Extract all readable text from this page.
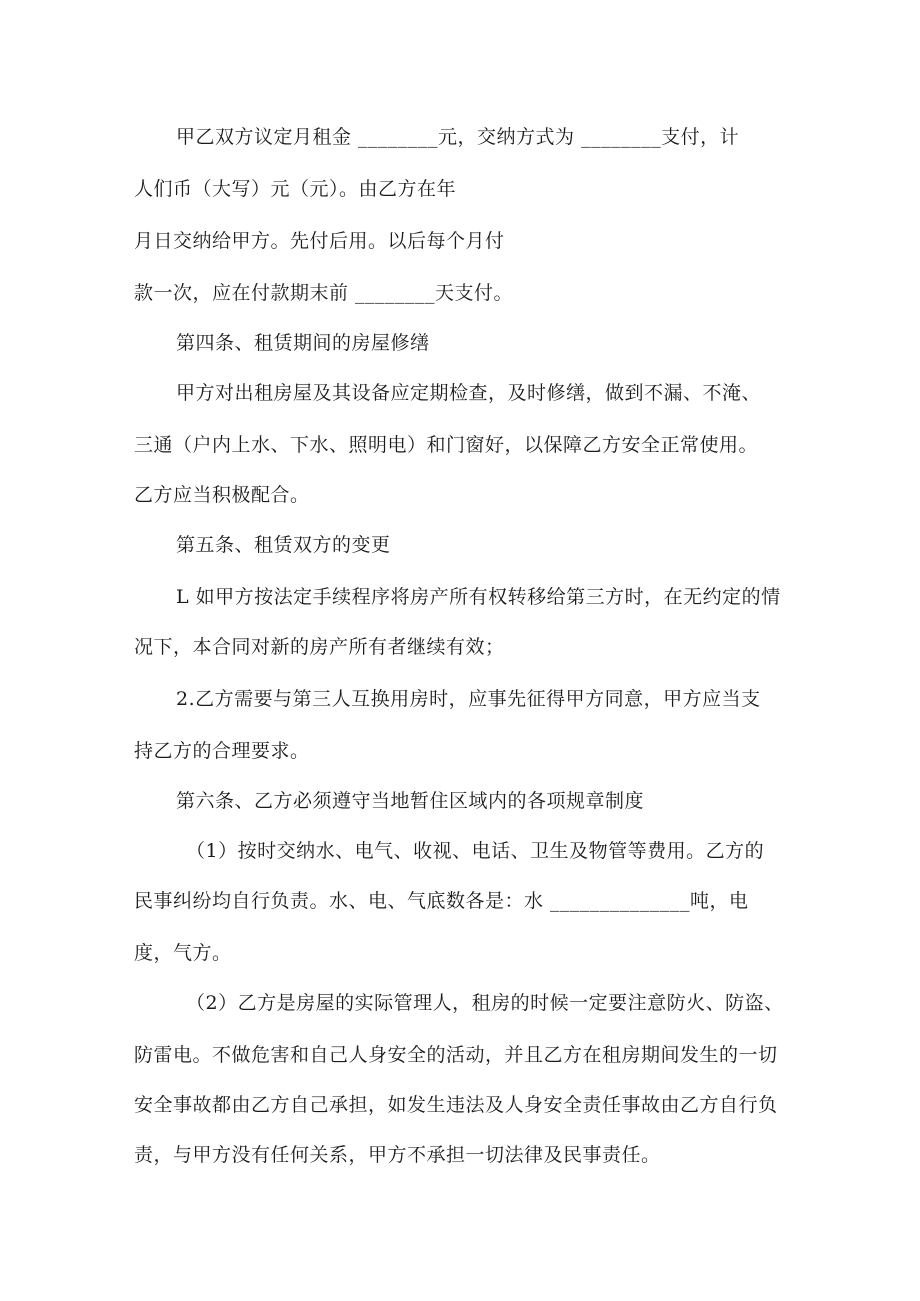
甲乙双方议定月租金 ________元，交纳方式为 ________支付，计
人们币（大写）元（元）。由乙方在年
月日交纳给甲方。先付后用。以后每个月付
款一次，应在付款期末前 ________天支付。
第四条、租赁期间的房屋修缮
甲方对出租房屋及其设备应定期检查，及时修缮，做到不漏、不淹、
三通（户内上水、下水、照明电）和门窗好，以保障乙方安全正常使用。
乙方应当积极配合。
第五条、租赁双方的变更
L 如甲方按法定手续程序将房产所有权转移给第三方时，在无约定的情
况下，本合同对新的房产所有者继续有效；
2.乙方需要与第三人互换用房时，应事先征得甲方同意，甲方应当支
持乙方的合理要求。
第六条、乙方必须遵守当地暂住区域内的各项规章制度
（1）按时交纳水、电气、收视、电话、卫生及物管等费用。乙方的
民事纠纷均自行负责。水、电、气底数各是：水 ______________吨，电
度，气方。
（2）乙方是房屋的实际管理人，租房的时候一定要注意防火、防盗、
防雷电。不做危害和自己人身安全的活动，并且乙方在租房期间发生的一切
安全事故都由乙方自己承担，如发生违法及人身安全责任事故由乙方自行负
责，与甲方没有任何关系，甲方不承担一切法律及民事责任。
